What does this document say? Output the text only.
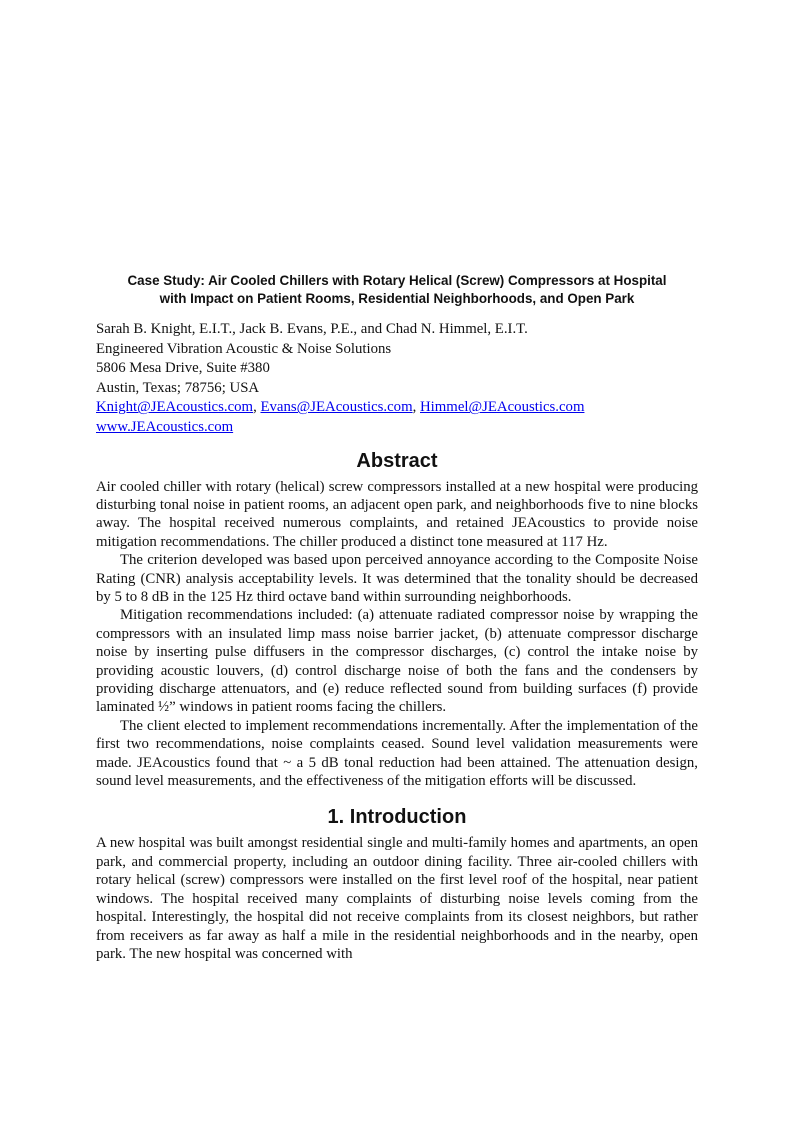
Case Study: Air Cooled Chillers with Rotary Helical (Screw) Compressors at Hospital
with Impact on Patient Rooms, Residential Neighborhoods, and Open Park
Sarah B. Knight, E.I.T., Jack B. Evans, P.E., and Chad N. Himmel, E.I.T.
Engineered Vibration Acoustic & Noise Solutions
5806 Mesa Drive, Suite #380
Austin, Texas; 78756; USA
Knight@JEAcoustics.com, Evans@JEAcoustics.com, Himmel@JEAcoustics.com
www.JEAcoustics.com
Abstract

Air cooled chiller with rotary (helical) screw compressors installed at a new hospital were producing disturbing tonal noise in patient rooms, an adjacent open park, and neighborhoods five to nine blocks away. The hospital received numerous complaints, and retained JEAcoustics to provide noise mitigation recommendations. The chiller produced a distinct tone measured at 117 Hz.

The criterion developed was based upon perceived annoyance according to the Composite Noise Rating (CNR) analysis acceptability levels. It was determined that the tonality should be decreased by 5 to 8 dB in the 125 Hz third octave band within surrounding neighborhoods.

Mitigation recommendations included: (a) attenuate radiated compressor noise by wrapping the compressors with an insulated limp mass noise barrier jacket, (b) attenuate compressor discharge noise by inserting pulse diffusers in the compressor discharges, (c) control the intake noise by providing acoustic louvers, (d) control discharge noise of both the fans and the condensers by providing discharge attenuators, and (e) reduce reflected sound from building surfaces (f) provide laminated ½” windows in patient rooms facing the chillers.

The client elected to implement recommendations incrementally. After the implementation of the first two recommendations, noise complaints ceased. Sound level validation measurements were made. JEAcoustics found that ~ a 5 dB tonal reduction had been attained. The attenuation design, sound level measurements, and the effectiveness of the mitigation efforts will be discussed.

1. Introduction

A new hospital was built amongst residential single and multi-family homes and apartments, an open park, and commercial property, including an outdoor dining facility. Three air-cooled chillers with rotary helical (screw) compressors were installed on the first level roof of the hospital, near patient windows. The hospital received many complaints of disturbing noise levels coming from the hospital. Interestingly, the hospital did not receive complaints from its closest neighbors, but rather from receivers as far away as half a mile in the residential neighborhoods and in the nearby, open park. The new hospital was concerned with
